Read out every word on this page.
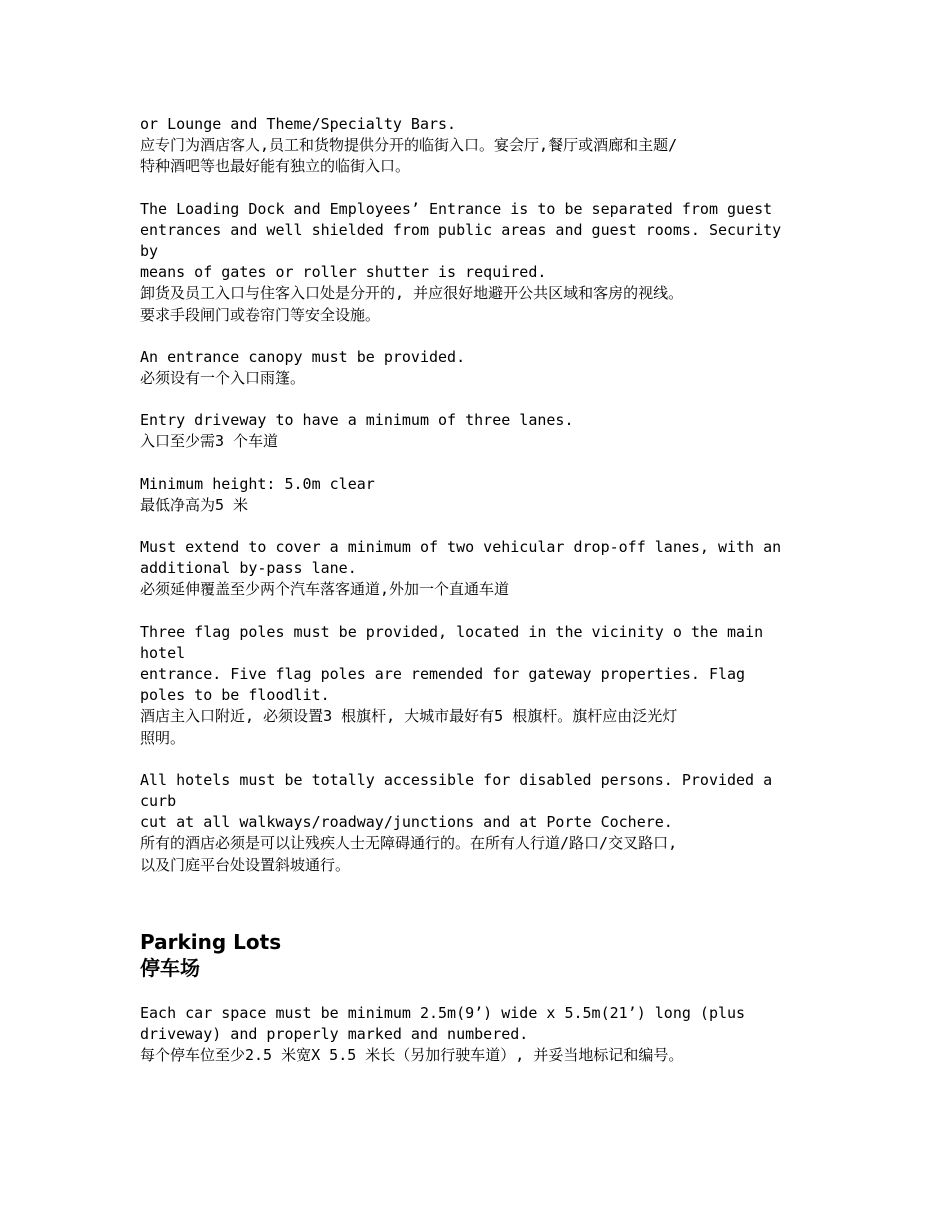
or Lounge and Theme/Specialty Bars.
应专门为酒店客人,员工和货物提供分开的临街入口。宴会厅,餐厅或酒廊和主题/
特种酒吧等也最好能有独立的临街入口。
The Loading Dock and Employees’ Entrance is to be separated from guest
entrances and well shielded from public areas and guest rooms. Security
by
means of gates or roller shutter is required.
卸货及员工入口与住客入口处是分开的, 并应很好地避开公共区域和客房的视线。
要求手段闸门或卷帘门等安全设施。
An entrance canopy must be provided.
必须设有一个入口雨篷。
Entry driveway to have a minimum of three lanes.
入口至少需3 个车道
Minimum height: 5.0m clear
最低净高为5 米
Must extend to cover a minimum of two vehicular drop-off lanes, with an
additional by-pass lane.
必须延伸覆盖至少两个汽车落客通道,外加一个直通车道
Three flag poles must be provided, located in the vicinity o the main
hotel
entrance. Five flag poles are remended for gateway properties. Flag
poles to be floodlit.
酒店主入口附近, 必须设置3 根旗杆, 大城市最好有5 根旗杆。旗杆应由泛光灯
照明。
All hotels must be totally accessible for disabled persons. Provided a
curb
cut at all walkways/roadway/junctions and at Porte Cochere.
所有的酒店必须是可以让残疾人士无障碍通行的。在所有人行道/路口/交叉路口,
以及门庭平台处设置斜坡通行。
Parking Lots
停车场
Each car space must be minimum 2.5m(9’) wide x 5.5m(21’) long (plus
driveway) and properly marked and numbered.
每个停车位至少2.5 米宽X 5.5 米长（另加行驶车道）, 并妥当地标记和编号。
